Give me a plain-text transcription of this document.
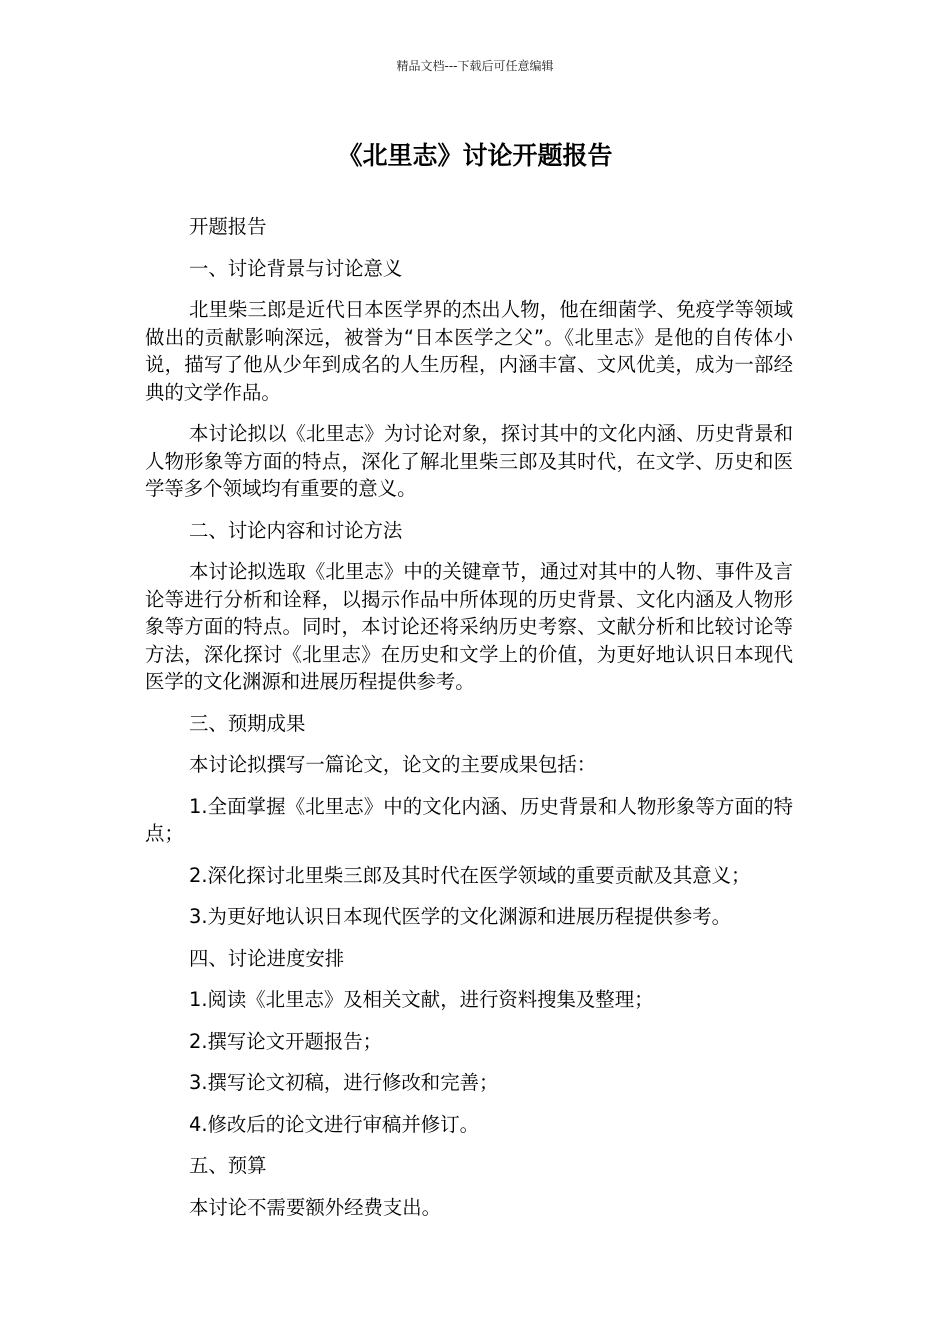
精品文档---下载后可任意编辑
《北里志》讨论开题报告

开题报告

一、讨论背景与讨论意义

北里柴三郎是近代日本医学界的杰出人物，他在细菌学、免疫学等领域做出的贡献影响深远，被誉为“日本医学之父”。《北里志》是他的自传体小说，描写了他从少年到成名的人生历程，内涵丰富、文风优美，成为一部经典的文学作品。

本讨论拟以《北里志》为讨论对象，探讨其中的文化内涵、历史背景和人物形象等方面的特点，深化了解北里柴三郎及其时代，在文学、历史和医学等多个领域均有重要的意义。

二、讨论内容和讨论方法

本讨论拟选取《北里志》中的关键章节，通过对其中的人物、事件及言论等进行分析和诠释，以揭示作品中所体现的历史背景、文化内涵及人物形象等方面的特点。同时，本讨论还将采纳历史考察、文献分析和比较讨论等方法，深化探讨《北里志》在历史和文学上的价值，为更好地认识日本现代医学的文化渊源和进展历程提供参考。

三、预期成果

本讨论拟撰写一篇论文，论文的主要成果包括：

1.全面掌握《北里志》中的文化内涵、历史背景和人物形象等方面的特点；

2.深化探讨北里柴三郎及其时代在医学领域的重要贡献及其意义；

3.为更好地认识日本现代医学的文化渊源和进展历程提供参考。

四、讨论进度安排

1.阅读《北里志》及相关文献，进行资料搜集及整理；

2.撰写论文开题报告；

3.撰写论文初稿，进行修改和完善；

4.修改后的论文进行审稿并修订。

五、预算

本讨论不需要额外经费支出。
